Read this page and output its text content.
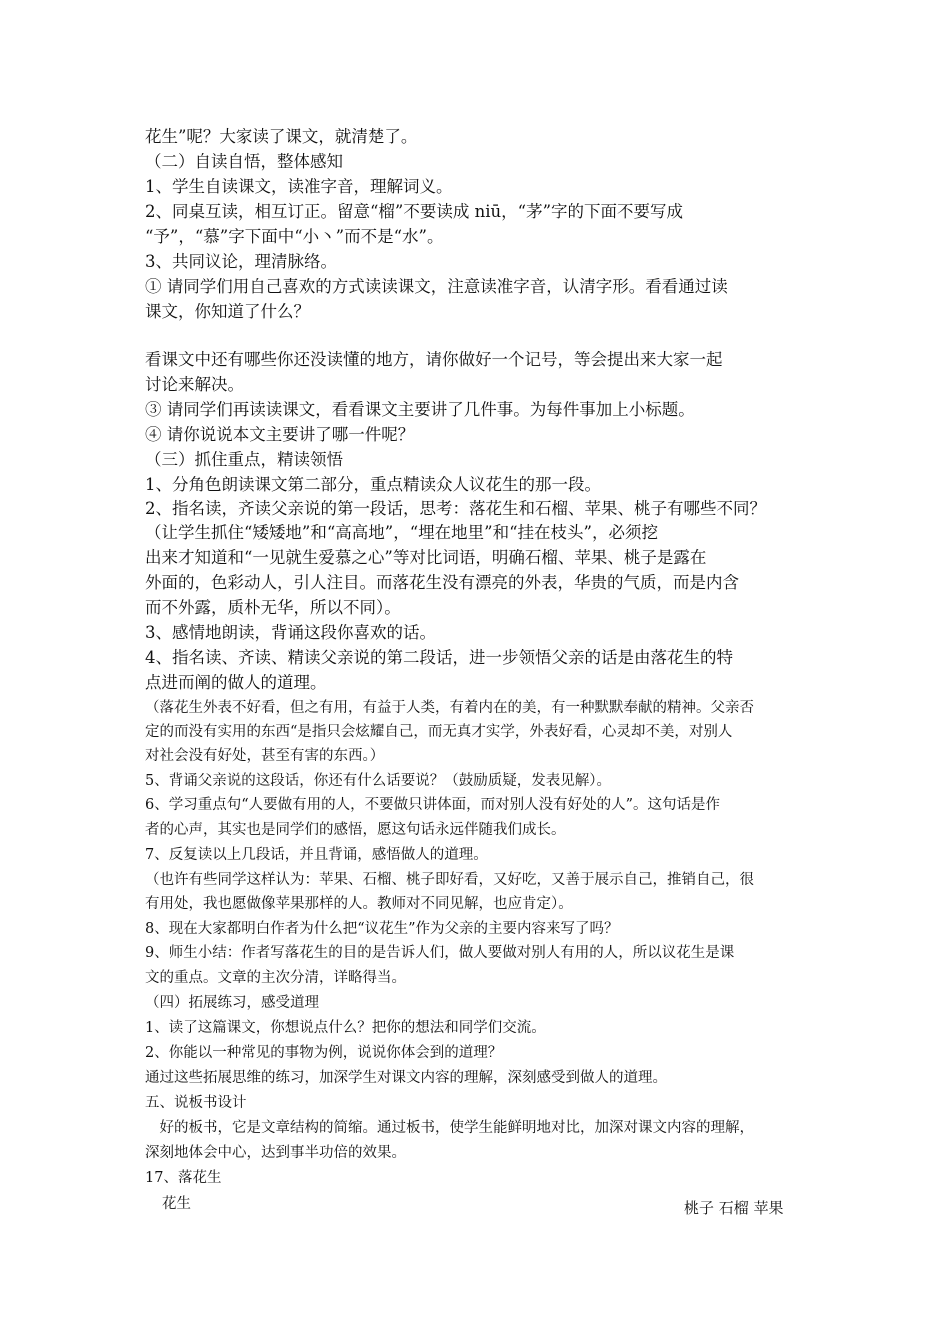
花生”呢？大家读了课文，就清楚了。
（二）自读自悟，整体感知
1、学生自读课文，读准字音，理解词义。
2、同桌互读，相互订正。留意“榴”不要读成 niū，“茅”字的下面不要写成
“予”，“慕”字下面中“小丶”而不是“水”。
3、共同议论，理清脉络。
① 请同学们用自己喜欢的方式读读课文，注意读准字音，认清字形。看看通过读
课文，你知道了什么？
看课文中还有哪些你还没读懂的地方，请你做好一个记号，等会提出来大家一起
讨论来解决。
③ 请同学们再读读课文，看看课文主要讲了几件事。为每件事加上小标题。
④ 请你说说本文主要讲了哪一件呢？
（三）抓住重点，精读领悟
1、分角色朗读课文第二部分，重点精读众人议花生的那一段。
2、指名读，齐读父亲说的第一段话，思考：落花生和石榴、苹果、桃子有哪些不同？
（让学生抓住“矮矮地”和“高高地”，“埋在地里”和“挂在枝头”，必须挖
出来才知道和“一见就生爱慕之心”等对比词语，明确石榴、苹果、桃子是露在
外面的，色彩动人，引人注目。而落花生没有漂亮的外表，华贵的气质，而是内含
而不外露，质朴无华，所以不同）。
3、感情地朗读，背诵这段你喜欢的话。
4、指名读、齐读、精读父亲说的第二段话，进一步领悟父亲的话是由落花生的特
点进而阐的做人的道理。
（落花生外表不好看，但之有用，有益于人类，有着内在的美，有一种默默奉献的精神。父亲否
定的而没有实用的东西“是指只会炫耀自己，而无真才实学，外表好看，心灵却不美，对别人
对社会没有好处，甚至有害的东西。）
5、背诵父亲说的这段话，你还有什么话要说？（鼓励质疑，发表见解）。
6、学习重点句“人要做有用的人，不要做只讲体面，而对别人没有好处的人”。这句话是作
者的心声，其实也是同学们的感悟，愿这句话永远伴随我们成长。
7、反复读以上几段话，并且背诵，感悟做人的道理。
（也许有些同学这样认为：苹果、石榴、桃子即好看，又好吃，又善于展示自己，推销自己，很
有用处，我也愿做像苹果那样的人。教师对不同见解，也应肯定）。
8、现在大家都明白作者为什么把“议花生”作为父亲的主要内容来写了吗？
9、师生小结：作者写落花生的目的是告诉人们，做人要做对别人有用的人，所以议花生是课
文的重点。文章的主次分清，详略得当。
（四）拓展练习，感受道理
1、读了这篇课文，你想说点什么？把你的想法和同学们交流。
2、你能以一种常见的事物为例，说说你体会到的道理？
通过这些拓展思维的练习，加深学生对课文内容的理解，深刻感受到做人的道理。
五、说板书设计
　好的板书，它是文章结构的简缩。通过板书，使学生能鲜明地对比，加深对课文内容的理解，
深刻地体会中心，达到事半功倍的效果。
17、落花生
花生	桃子 石榴 苹果
